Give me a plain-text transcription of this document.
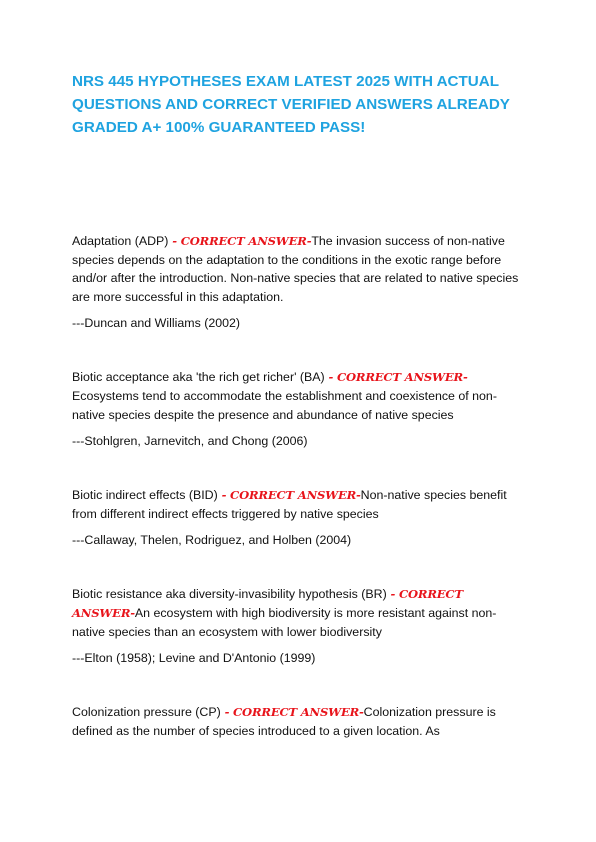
NRS 445 HYPOTHESES EXAM LATEST 2025 WITH ACTUAL QUESTIONS AND CORRECT VERIFIED ANSWERS ALREADY GRADED A+ 100% GUARANTEED PASS!

Adaptation (ADP) - CORRECT ANSWER-The invasion success of non-native species depends on the adaptation to the conditions in the exotic range before and/or after the introduction. Non-native species that are related to native species are more successful in this adaptation.

---Duncan and Williams (2002)

Biotic acceptance aka 'the rich get richer' (BA) - CORRECT ANSWER-
Ecosystems tend to accommodate the establishment and coexistence of non-native species despite the presence and abundance of native species

---Stohlgren, Jarnevitch, and Chong (2006)

Biotic indirect effects (BID) - CORRECT ANSWER-Non-native species benefit from different indirect effects triggered by native species

---Callaway, Thelen, Rodriguez, and Holben (2004)

Biotic resistance aka diversity-invasibility hypothesis (BR) - CORRECT ANSWER-An ecosystem with high biodiversity is more resistant against non-native species than an ecosystem with lower biodiversity

---Elton (1958); Levine and D'Antonio (1999)

Colonization pressure (CP) - CORRECT ANSWER-Colonization pressure is defined as the number of species introduced to a given location. As
